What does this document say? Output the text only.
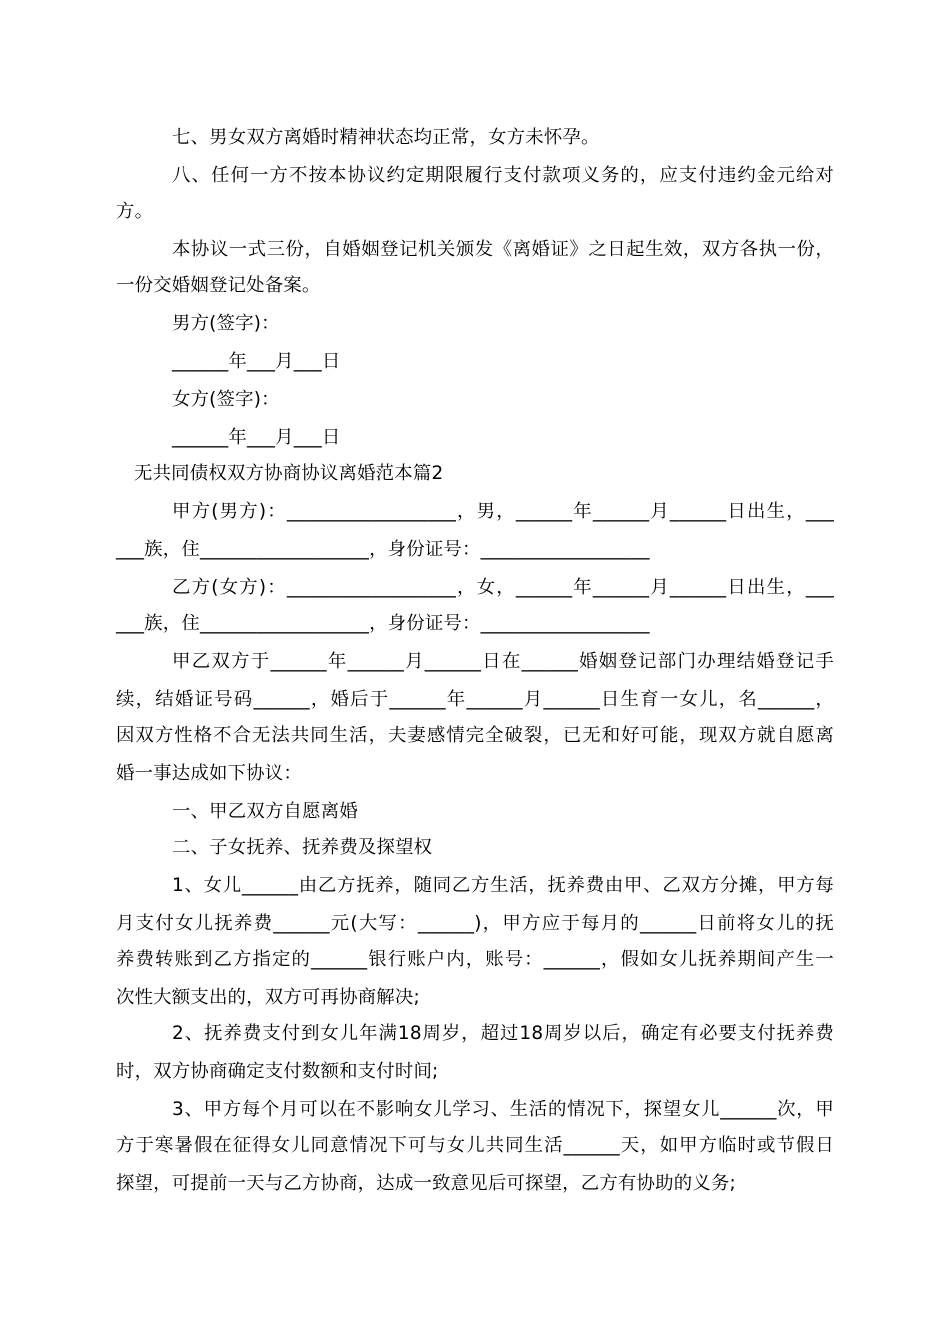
七、男女双方离婚时精神状态均正常，女方未怀孕。
八、任何一方不按本协议约定期限履行支付款项义务的，应支付违约金元给对
方。
本协议一式三份，自婚姻登记机关颁发《离婚证》之日起生效，双方各执一份，
一份交婚姻登记处备案。
男方(签字)：
______年___月___日
女方(签字)：
______年___月___日
无共同债权双方协商协议离婚范本篇2
甲方(男方)：__________________，男，______年______月______日出生，___
___族，住__________________，身份证号：__________________
乙方(女方)：__________________，女，______年______月______日出生，___
___族，住__________________，身份证号：__________________
甲乙双方于______年______月______日在______婚姻登记部门办理结婚登记手
续，结婚证号码______，婚后于______年______月______日生育一女儿，名______，
因双方性格不合无法共同生活，夫妻感情完全破裂，已无和好可能，现双方就自愿离
婚一事达成如下协议：
一、甲乙双方自愿离婚
二、子女抚养、抚养费及探望权
1、女儿______由乙方抚养，随同乙方生活，抚养费由甲、乙双方分摊，甲方每
月支付女儿抚养费______元(大写：______)，甲方应于每月的______日前将女儿的抚
养费转账到乙方指定的______银行账户内，账号：______，假如女儿抚养期间产生一
次性大额支出的，双方可再协商解决;
2、抚养费支付到女儿年满18周岁，超过18周岁以后，确定有必要支付抚养费
时，双方协商确定支付数额和支付时间;
3、甲方每个月可以在不影响女儿学习、生活的情况下，探望女儿______次，甲
方于寒暑假在征得女儿同意情况下可与女儿共同生活______天，如甲方临时或节假日
探望，可提前一天与乙方协商，达成一致意见后可探望，乙方有协助的义务;
